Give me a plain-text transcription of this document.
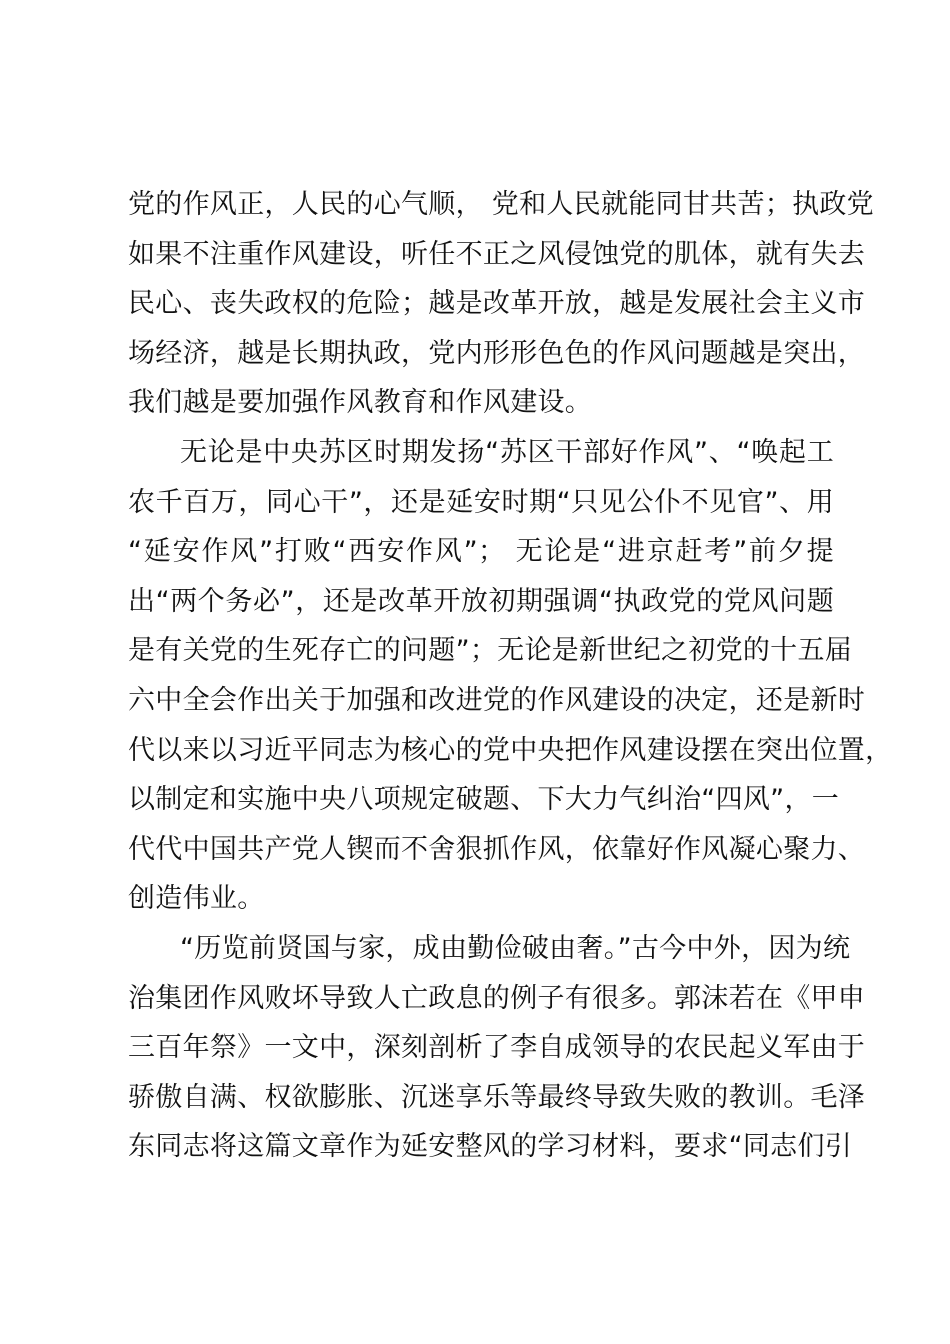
党的作风正，人民的心气顺， 党和人民就能同甘共苦；执政党
如果不注重作风建设，听任不正之风侵蚀党的肌体，就有失去
民心、丧失政权的危险；越是改革开放，越是发展社会主义市
场经济，越是长期执政，党内形形色色的作风问题越是突出，
我们越是要加强作风教育和作风建设。
无论是中央苏区时期发扬“苏区干部好作风”、“唤起工
农千百万，同心干”，还是延安时期“只见公仆不见官”、用
“延安作风”打败“西安作风”； 无论是“进京赶考”前夕提
出“两个务必”，还是改革开放初期强调“执政党的党风问题
是有关党的生死存亡的问题”；无论是新世纪之初党的十五届
六中全会作出关于加强和改进党的作风建设的决定，还是新时
代以来以习近平同志为核心的党中央把作风建设摆在突出位置，
以制定和实施中央八项规定破题、下大力气纠治“四风”，一
代代中国共产党人锲而不舍狠抓作风，依靠好作风凝心聚力、
创造伟业。
“历览前贤国与家，成由勤俭破由奢。”古今中外，因为统
治集团作风败坏导致人亡政息的例子有很多。郭沫若在《甲申
三百年祭》一文中，深刻剖析了李自成领导的农民起义军由于
骄傲自满、权欲膨胀、沉迷享乐等最终导致失败的教训。毛泽
东同志将这篇文章作为延安整风的学习材料，要求“同志们引
